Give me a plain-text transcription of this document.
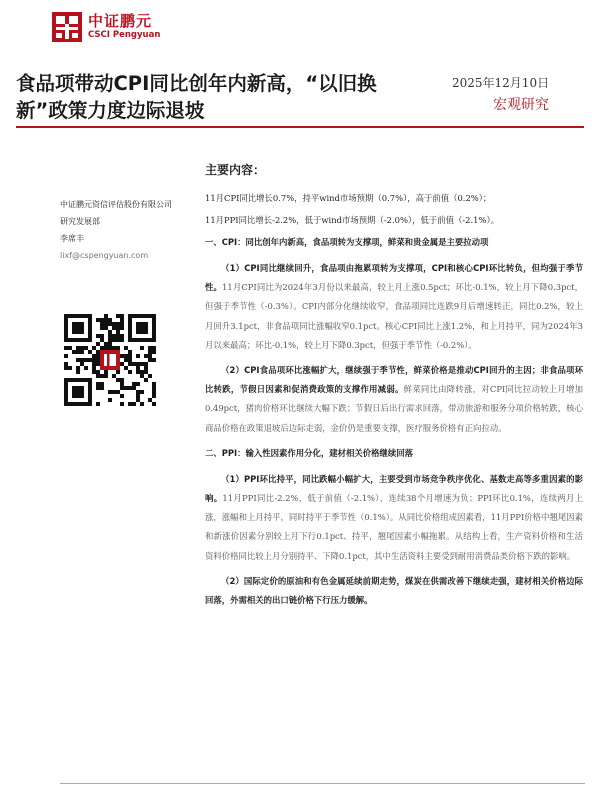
中证鹏元
CSCI Pengyuan
食品项带动CPI同比创年内新高，“以旧换
新”政策力度边际退坡
2025年12月10日
宏观研究
中证鹏元资信评估股份有限公司
研究发展部
李席丰
lixf@cspengyuan.com
主要内容：
11月CPI同比增长0.7%，持平wind市场预期（0.7%），高于前值（0.2%）；
11月PPI同比增长-2.2%，低于wind市场预期（-2.0%），低于前值（-2.1%）。
一、CPI：同比创年内新高，食品项转为支撑项，鲜菜和贵金属是主要拉动项

（1）CPI同比继续回升，食品项由拖累项转为支撑项，CPI和核心CPI环比转负，但均强于季节性。11月CPI同比为2024年3月份以来最高，较上月上涨0.5pct；环比-0.1%，较上月下降0.3pct，但强于季节性（-0.3%）。CPI内部分化继续收窄，食品项同比连跌9月后增速转正，同比0.2%，较上月回升3.1pct，非食品项同比涨幅收窄0.1pct。核心CPI同比上涨1.2%，和上月持平，同为2024年3月以来最高；环比-0.1%，较上月下降0.3pct，但强于季节性（-0.2%）。

（2）CPI食品项环比涨幅扩大，继续强于季节性，鲜菜价格是推动CPI回升的主因；非食品项环比转跌，节假日因素和促消费政策的支撑作用减弱。鲜菜同比由降转涨，对CPI同比拉动较上月增加0.49pct，猪肉价格环比继续大幅下跌；节假日后出行需求回落，带动旅游和服务分项价格转跌，核心商品价格在政策退坡后边际走弱，金价仍是重要支撑，医疗服务价格有正向拉动。

二、PPI：输入性因素作用分化，建材相关价格继续回落

（1）PPI环比持平，同比跌幅小幅扩大，主要受到市场竞争秩序优化、基数走高等多重因素的影响。11月PPI同比-2.2%，低于前值（-2.1%），连续38个月增速为负；PPI环比0.1%，连续两月上涨，涨幅和上月持平，同时持平于季节性（0.1%）。从同比价格组成因素看，11月PPI价格中翘尾因素和新涨价因素分别较上月下行0.1pct、持平，翘尾因素小幅拖累。从结构上看，生产资料价格和生活资料价格同比较上月分别持平、下降0.1pct，其中生活资料主要受到耐用消费品类价格下跌的影响。

（2）国际定价的原油和有色金属延续前期走势，煤炭在供需改善下继续走强，建材相关价格边际回落，外需相关的出口链价格下行压力缓解。
